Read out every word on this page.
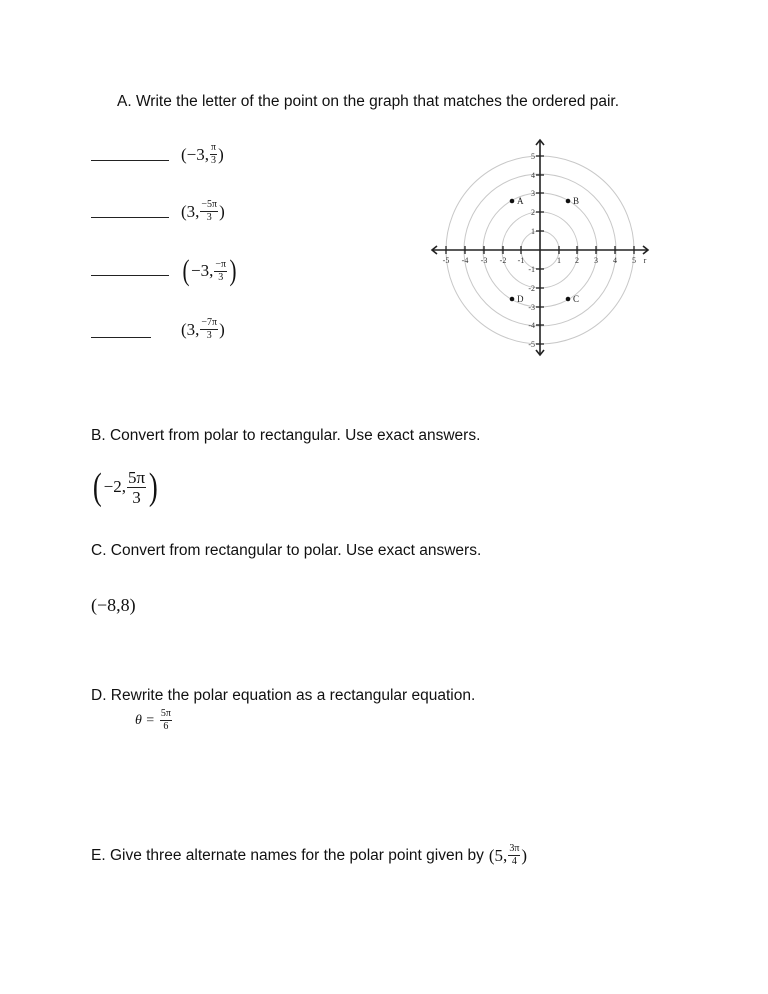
A. Write the letter of the point on the graph that matches the ordered pair.
( −3 , $\frac{\pi}{3}$ )
( 3 , $\frac{-5\pi}{3}$ )
( −3 , $\frac{-\pi}{3}$ )
( 3 , $\frac{-7\pi}{3}$ )
-5 -4 -3 -2 -1	1 2 3 4 5 r
5
4
3
2
1
-1
-2
-3
-4
-5
A	B
C
D
B. Convert from polar to rectangular. Use exact answers.
( −2, $\frac{5\pi}{3}$ )
C. Convert from rectangular to polar. Use exact answers.
(−8,8)
D. Rewrite the polar equation as a rectangular equation.
$\theta = \frac{5\pi}{6}$
E. Give three alternate names for the polar point given by (5, $\frac{3\pi}{4}$ )
